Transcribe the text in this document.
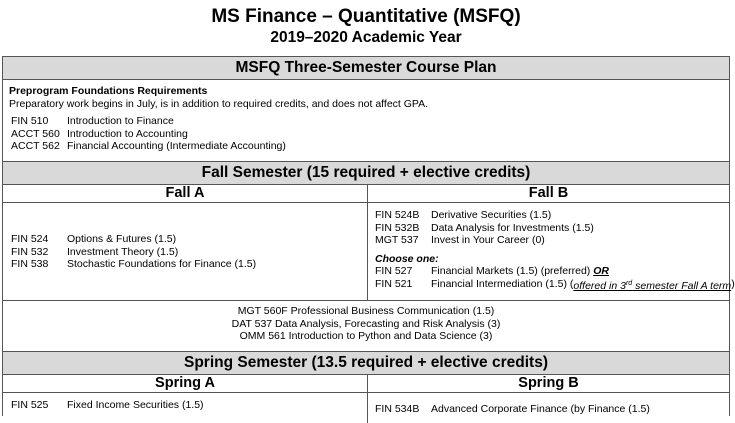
MS Finance – Quantitative (MSFQ)
2019–2020 Academic Year
MSFQ Three-Semester Course Plan
Preprogram Foundations Requirements
Preparatory work begins in July, is in addition to required credits, and does not affect GPA.
FIN 510	Introduction to Finance
ACCT 560 Introduction to Accounting
ACCT 562 Financial Accounting (Intermediate Accounting)
Fall Semester (15 required + elective credits)
Fall A	Fall B
FIN 524	Options & Futures (1.5)
FIN 532	Investment Theory (1.5)
FIN 538	Stochastic Foundations for Finance (1.5)
FIN 524B	Derivative Securities (1.5)
FIN 532B	Data Analysis for Investments (1.5)
MGT 537	Invest in Your Career (0)
Choose one:
FIN 527	Financial Markets (1.5) (preferred)
OR
FIN 521	Financial Intermediation (1.5) ( offered in 3rd semester Fall A term )
MGT 560F Professional Business Communication (1.5)
DAT 537 Data Analysis, Forecasting and Risk Analysis (3)
OMM 561 Introduction to Python and Data Science (3)
Spring Semester (13.5 required + elective credits)
Spring A	Spring B
FIN 525	Fixed Income Securities (1.5)	FIN 534B	Advanced Corporate Finance (by Finance (1.5)
